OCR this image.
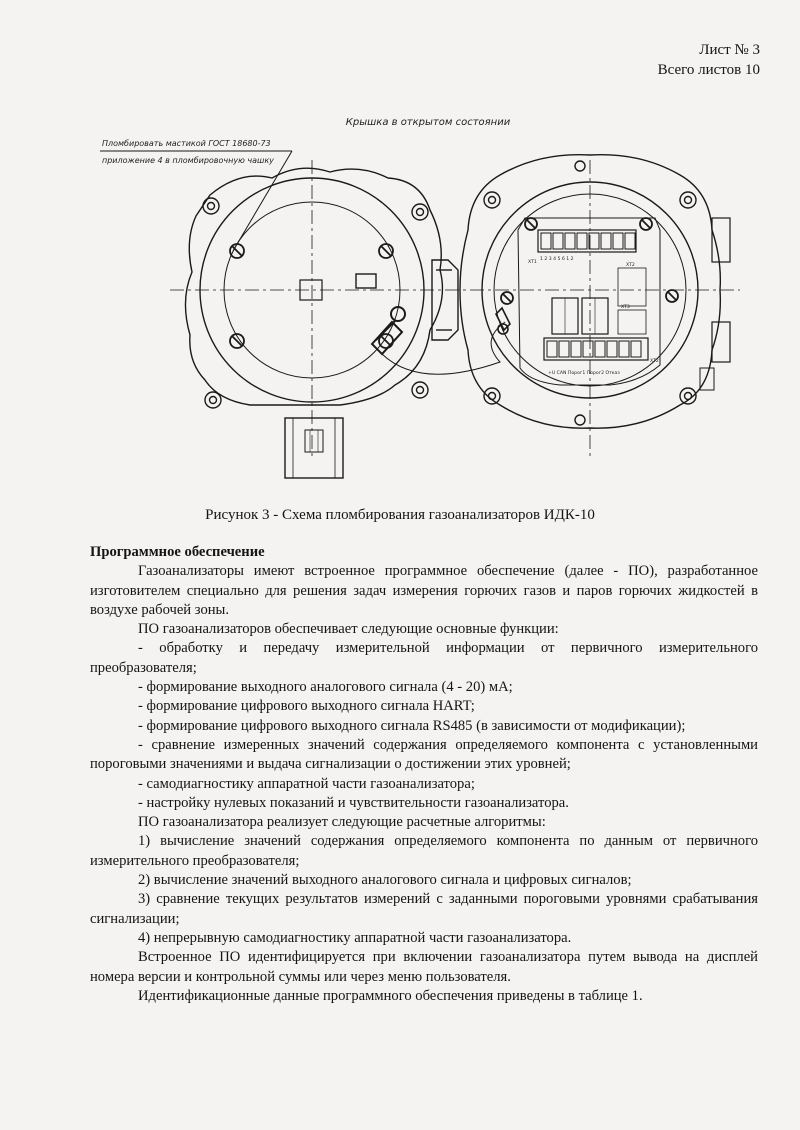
Лист № 3
Всего листов 10
Крышка в открытом состоянии
Пломбировать мастикой ГОСТ 18680-73
приложение 4 в пломбировочную чашку
1 2 3 4 5 6 1 2
XT1
XT3
+U CAN Порог1 Порог2 Отказ
XT2
XT2
Рисунок 3 - Схема пломбирования газоанализаторов ИДК-10

Программное обеспечение

Газоанализаторы имеют встроенное программное обеспечение (далее - ПО), разработанное изготовителем специально для решения задач измерения горючих газов и паров горючих жидкостей в воздухе рабочей зоны.

ПО газоанализаторов обеспечивает следующие основные функции:

- обработку и передачу измерительной информации от первичного измерительного преобразователя;

- формирование выходного аналогового сигнала (4 - 20) мА;

- формирование цифрового выходного сигнала HART;

- формирование цифрового выходного сигнала RS485 (в зависимости от модификации);

- сравнение измеренных значений содержания определяемого компонента с установленными пороговыми значениями и выдача сигнализации о достижении этих уровней;

- самодиагностику аппаратной части газоанализатора;

- настройку нулевых показаний и чувствительности газоанализатора.

ПО газоанализатора реализует следующие расчетные алгоритмы:

1) вычисление значений содержания определяемого компонента по данным от первичного измерительного преобразователя;

2) вычисление значений выходного аналогового сигнала и цифровых сигналов;

3) сравнение текущих результатов измерений с заданными пороговыми уровнями срабатывания сигнализации;

4) непрерывную самодиагностику аппаратной части газоанализатора.

Встроенное ПО идентифицируется при включении газоанализатора путем вывода на дисплей номера версии и контрольной суммы или через меню пользователя.

Идентификационные данные программного обеспечения приведены в таблице 1.
